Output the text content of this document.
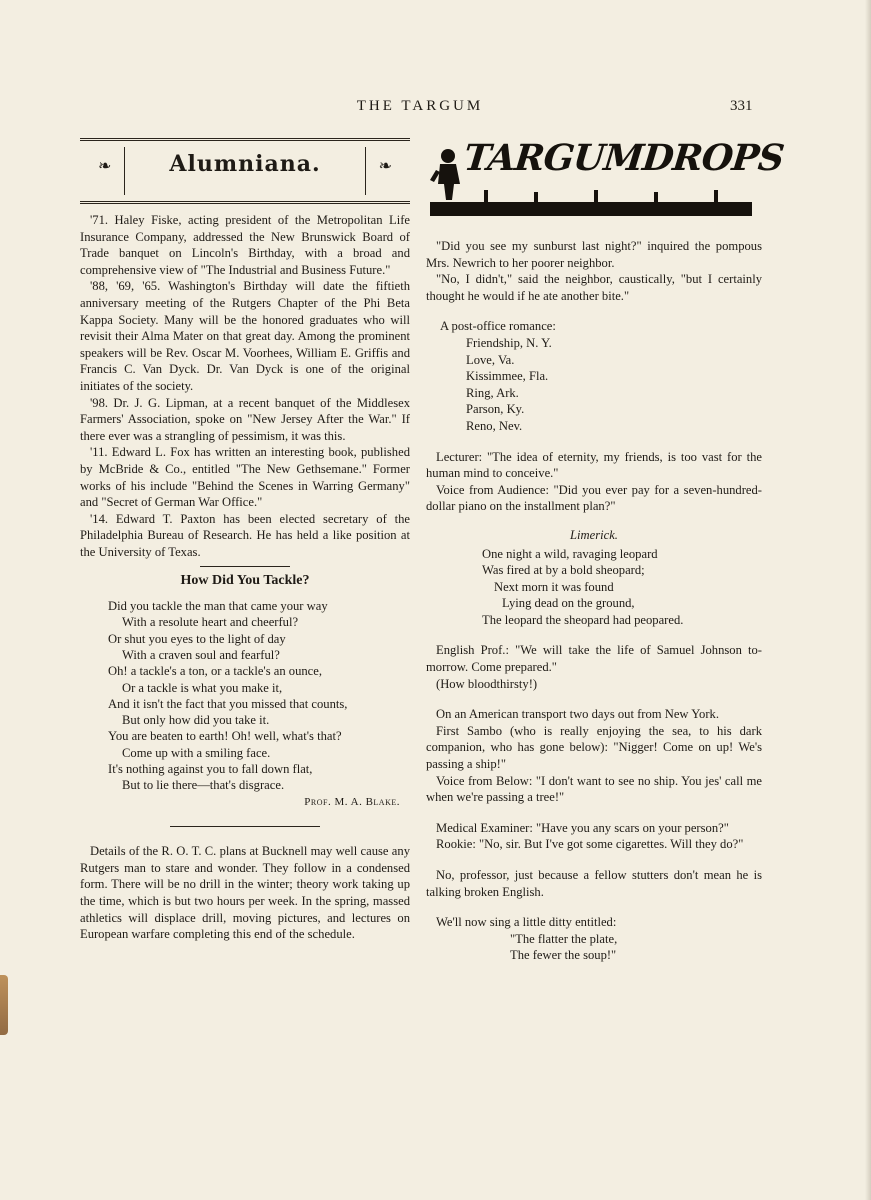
THE TARGUM	331
❧	Alumniana.	❧

'71. Haley Fiske, acting president of the Metropolitan Life Insurance Company, addressed the New Brunswick Board of Trade banquet on Lincoln's Birthday, with a broad and comprehensive view of "The Industrial and Business Future."

'88, '69, '65. Washington's Birthday will date the fiftieth anniversary meeting of the Rutgers Chapter of the Phi Beta Kappa Society. Many will be the honored graduates who will revisit their Alma Mater on that great day. Among the prominent speakers will be Rev. Oscar M. Voorhees, William E. Griffis and Francis C. Van Dyck. Dr. Van Dyck is one of the original initiates of the society.

'98. Dr. J. G. Lipman, at a recent banquet of the Middlesex Farmers' Association, spoke on "New Jersey After the War." If there ever was a strangling of pessimism, it was this.

'11. Edward L. Fox has written an interesting book, published by McBride & Co., entitled "The New Gethsemane." Former works of his include "Behind the Scenes in Warring Germany" and "Secret of German War Office."

'14. Edward T. Paxton has been elected secretary of the Philadelphia Bureau of Research. He has held a like position at the University of Texas.

How Did You Tackle?
Did you tackle the man that came your way
With a resolute heart and cheerful?
Or shut you eyes to the light of day
With a craven soul and fearful?
Oh! a tackle's a ton, or a tackle's an ounce,
Or a tackle is what you make it,
And it isn't the fact that you missed that counts,
But only how did you take it.
You are beaten to earth! Oh! well, what's that?
Come up with a smiling face.
It's nothing against you to fall down flat,
But to lie there—that's disgrace.
Prof. M. A. Blake.

Details of the R. O. T. C. plans at Bucknell may well cause any Rutgers man to stare and wonder. They follow in a condensed form. There will be no drill in the winter; theory work taking up the time, which is but two hours per week. In the spring, massed athletics will displace drill, moving pictures, and lectures on European warfare completing this end of the schedule.

TARGUMDROPS

"Did you see my sunburst last night?" inquired the pompous Mrs. Newrich to her poorer neighbor.

"No, I didn't," said the neighbor, caustically, "but I certainly thought he would if he ate another bite."

A post-office romance:
Friendship, N. Y.
Love, Va.
Kissimmee, Fla.
Ring, Ark.
Parson, Ky.
Reno, Nev.

Lecturer: "The idea of eternity, my friends, is too vast for the human mind to conceive."

Voice from Audience: "Did you ever pay for a seven-hundred-dollar piano on the installment plan?"

Limerick.
One night a wild, ravaging leopard
Was fired at by a bold sheopard;
Next morn it was found
Lying dead on the ground,
The leopard the sheopard had peopared.

English Prof.: "We will take the life of Samuel Johnson to-morrow. Come prepared."

(How bloodthirsty!)

On an American transport two days out from New York.

First Sambo (who is really enjoying the sea, to his dark companion, who has gone below): "Nigger! Come on up! We's passing a ship!"

Voice from Below: "I don't want to see no ship. You jes' call me when we're passing a tree!"

Medical Examiner: "Have you any scars on your person?"

Rookie: "No, sir. But I've got some cigarettes. Will they do?"

No, professor, just because a fellow stutters don't mean he is talking broken English.

We'll now sing a little ditty entitled:

"The flatter the plate,
The fewer the soup!"
